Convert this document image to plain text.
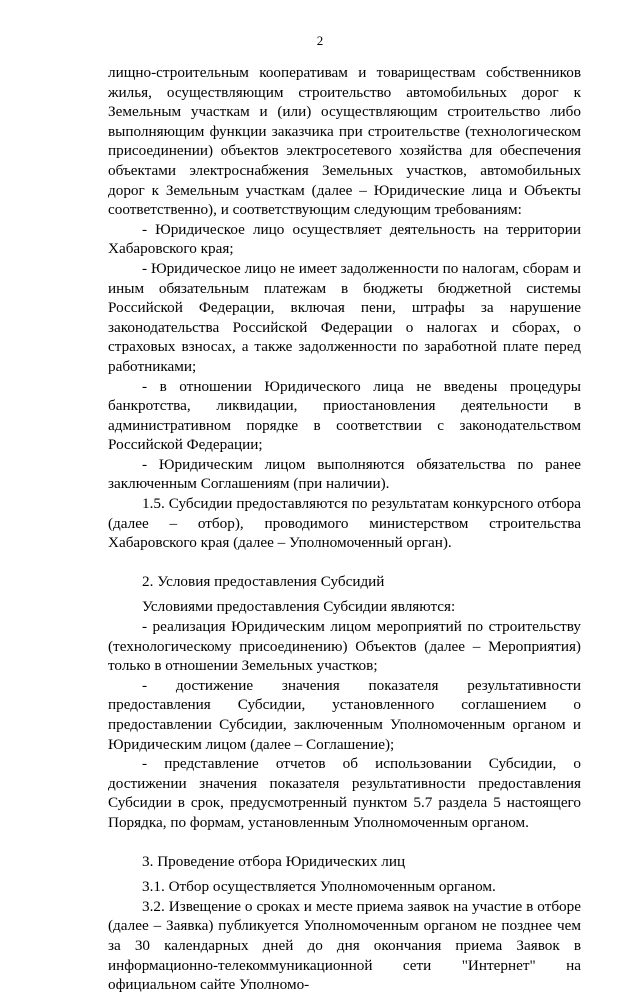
2

лищно-строительным кооперативам и товариществам собственников жилья, осуществляющим строительство автомобильных дорог к Земельным участкам и (или) осуществляющим строительство либо выполняющим функции заказчика при строительстве (технологическом присоединении) объектов электросетевого хозяйства для обеспечения объектами электроснабжения Земельных участков, автомобильных дорог к Земельным участкам (далее – Юридические лица и Объекты соответственно), и соответствующим следующим требованиям:

- Юридическое лицо осуществляет деятельность на территории Хабаровского края;

- Юридическое лицо не имеет задолженности по налогам, сборам и иным обязательным платежам в бюджеты бюджетной системы Российской Федерации, включая пени, штрафы за нарушение законодательства Российской Федерации о налогах и сборах, о страховых взносах, а также задолженности по заработной плате перед работниками;

- в отношении Юридического лица не введены процедуры банкротства, ликвидации, приостановления деятельности в административном порядке в соответствии с законодательством Российской Федерации;

- Юридическим лицом выполняются обязательства по ранее заключенным Соглашениям (при наличии).

1.5. Субсидии предоставляются по результатам конкурсного отбора (далее – отбор), проводимого министерством строительства Хабаровского края (далее – Уполномоченный орган).

2. Условия предоставления Субсидий

Условиями предоставления Субсидии являются:

- реализация Юридическим лицом мероприятий по строительству (технологическому присоединению) Объектов (далее – Мероприятия) только в отношении Земельных участков;

- достижение значения показателя результативности предоставления Субсидии, установленного соглашением о предоставлении Субсидии, заключенным Уполномоченным органом и Юридическим лицом (далее – Соглашение);

- представление отчетов об использовании Субсидии, о достижении значения показателя результативности предоставления Субсидии в срок, предусмотренный пунктом 5.7 раздела 5 настоящего Порядка, по формам, установленным Уполномоченным органом.

3. Проведение отбора Юридических лиц

3.1. Отбор осуществляется Уполномоченным органом.

3.2. Извещение о сроках и месте приема заявок на участие в отборе (далее – Заявка) публикуется Уполномоченным органом не позднее чем за 30 календарных дней до дня окончания приема Заявок в информационно-телекоммуникационной сети "Интернет" на официальном сайте Уполномо-
